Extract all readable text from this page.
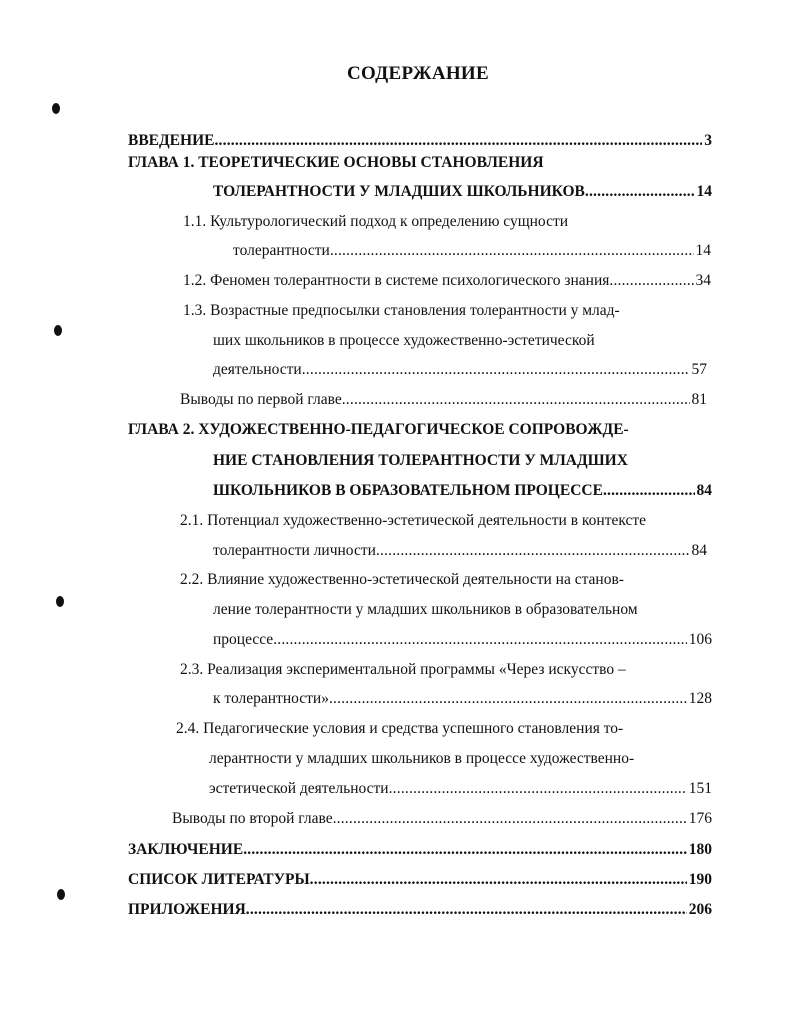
СОДЕРЖАНИЕ
ВВЕДЕНИЕ .....	3
ГЛАВА 1. ТЕОРЕТИЧЕСКИЕ ОСНОВЫ СТАНОВЛЕНИЯ
ТОЛЕРАНТНОСТИ У МЛАДШИХ ШКОЛЬНИКОВ .....	14
1.1. Культурологический подход к определению сущности
толерантности .....	14
1.2. Феномен толерантности в системе психологического знания .....	34
1.3. Возрастные предпосылки становления толерантности у млад-
ших школьников в процессе художественно-эстетической
деятельности .....	57
Выводы по первой главе .....	81
ГЛАВА 2. ХУДОЖЕСТВЕННО-ПЕДАГОГИЧЕСКОЕ СОПРОВОЖДЕ-
НИЕ СТАНОВЛЕНИЯ ТОЛЕРАНТНОСТИ У МЛАДШИХ
ШКОЛЬНИКОВ В ОБРАЗОВАТЕЛЬНОМ ПРОЦЕССЕ .....	84
2.1. Потенциал художественно-эстетической деятельности в контексте
толерантности личности .....	84
2.2. Влияние художественно-эстетической деятельности на станов-
ление толерантности у младших школьников в образовательном
процессе .....	106
2.3. Реализация экспериментальной программы «Через искусство –
к толерантности» .....	128
2.4. Педагогические условия и средства успешного становления то-
лерантности у младших школьников в процессе художественно-
эстетической деятельности .....	151
Выводы по второй главе .....	176
ЗАКЛЮЧЕНИЕ .....	180
СПИСОК ЛИТЕРАТУРЫ .....	190
ПРИЛОЖЕНИЯ .....	206
